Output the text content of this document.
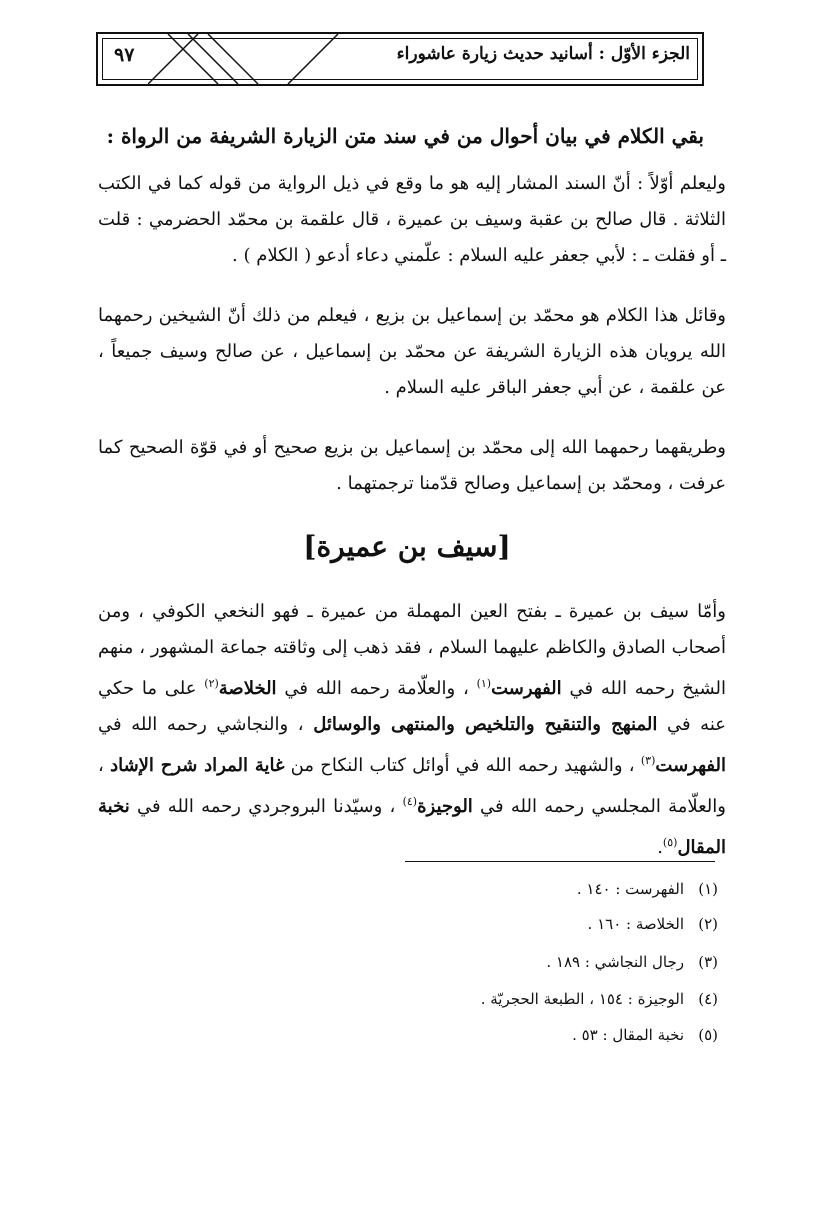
الجزء الأوّل : أسانيد حديث زيارة عاشوراء
٩٧
بقي الكلام في بيان أحوال من في سند متن الزيارة الشريفة من الرواة :
وليعلم أوّلاً : أنّ السند المشار إليه هو ما وقع في ذيل الرواية من قوله كما في الكتب الثلاثة . قال صالح بن عقبة وسيف بن عميرة ، قال علقمة بن محمّد الحضرمي : قلت ـ أو فقلت ـ : لأبي جعفر عليه السلام : علّمني دعاء أدعو ( الكلام ) .
وقائل هذا الكلام هو محمّد بن إسماعيل بن بزيع ، فيعلم من ذلك أنّ الشيخين رحمهما الله يرويان هذه الزيارة الشريفة عن محمّد بن إسماعيل ، عن صالح وسيف جميعاً ، عن علقمة ، عن أبي جعفر الباقر عليه السلام .
وطريقهما رحمهما الله إلى محمّد بن إسماعيل بن بزيع صحيح أو في قوّة الصحيح كما عرفت ، ومحمّد بن إسماعيل وصالح قدّمنا ترجمتهما .
[سيف بن عميرة]
وأمّا سيف بن عميرة ـ بفتح العين المهملة من عميرة ـ فهو النخعي الكوفي ، ومن أصحاب الصادق والكاظم عليهما السلام ، فقد ذهب إلى وثاقته جماعة المشهور ، منهم الشيخ رحمه الله في الفهرست$^{(١)}$ ، والعلّامة رحمه الله في الخلاصة$^{(٢)}$ على ما حكي عنه في المنهج والتنقيح والتلخيص والمنتهى والوسائل ، والنجاشي رحمه الله في الفهرست$^{(٣)}$ ، والشهيد رحمه الله في أوائل كتاب النكاح من غاية المراد شرح الإشاد ، والعلّامة المجلسي رحمه الله في الوجيزة$^{(٤)}$ ، وسيّدنا البروجردي رحمه الله في نخبة المقال$^{(٥)}$.
(١)الفهرست : ١٤٠ .
(٢)الخلاصة : ١٦٠ .
(٣)رجال النجاشي : ١٨٩ .
(٤)الوجيزة : ١٥٤ ، الطبعة الحجريّة .
(٥)نخبة المقال : ٥٣ .
